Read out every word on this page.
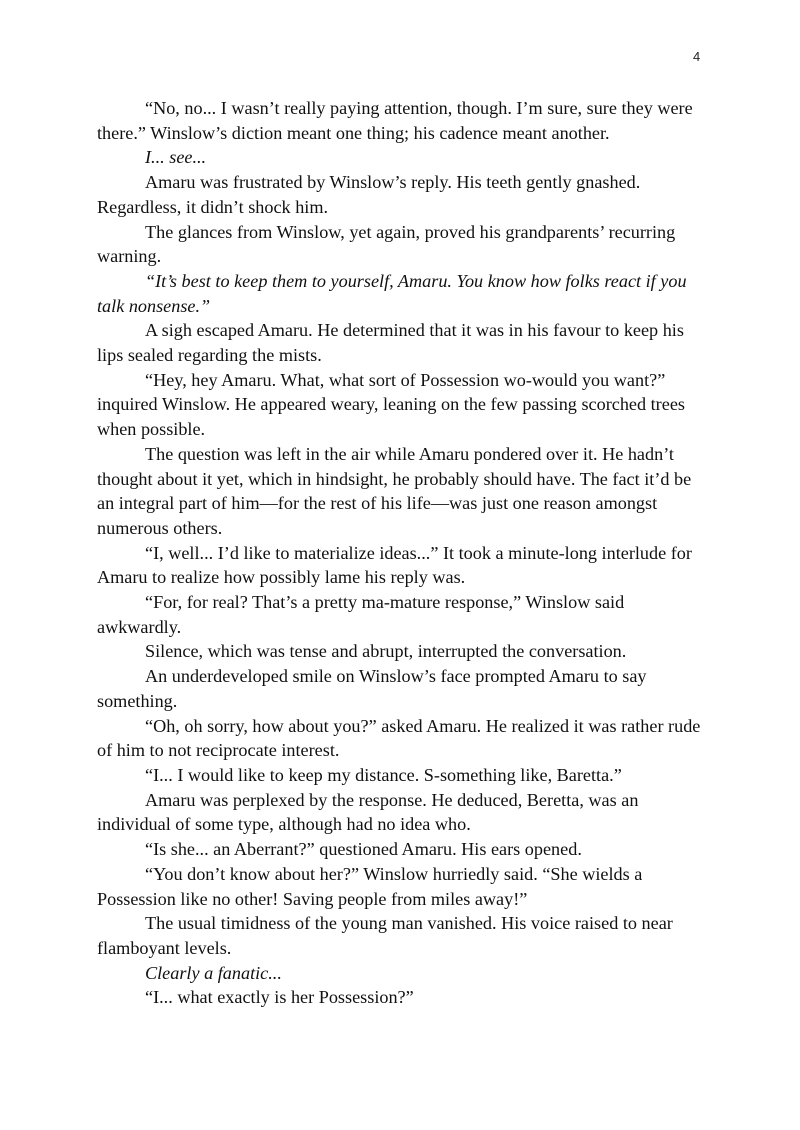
4

“No, no... I wasn’t really paying attention, though. I’m sure, sure they were there.” Winslow’s diction meant one thing; his cadence meant another.

I... see...

Amaru was frustrated by Winslow’s reply. His teeth gently gnashed. Regardless, it didn’t shock him.

The glances from Winslow, yet again, proved his grandparents’ recurring warning.

“It’s best to keep them to yourself, Amaru. You know how folks react if you talk nonsense.”

A sigh escaped Amaru. He determined that it was in his favour to keep his lips sealed regarding the mists.

“Hey, hey Amaru. What, what sort of Possession wo-would you want?” inquired Winslow. He appeared weary, leaning on the few passing scorched trees when possible.

The question was left in the air while Amaru pondered over it. He hadn’t thought about it yet, which in hindsight, he probably should have. The fact it’d be an integral part of him—for the rest of his life—was just one reason amongst numerous others.

“I, well... I’d like to materialize ideas...” It took a minute-long interlude for Amaru to realize how possibly lame his reply was.

“For, for real? That’s a pretty ma-mature response,” Winslow said awkwardly.

Silence, which was tense and abrupt, interrupted the conversation.

An underdeveloped smile on Winslow’s face prompted Amaru to say something.

“Oh, oh sorry, how about you?” asked Amaru. He realized it was rather rude of him to not reciprocate interest.

“I... I would like to keep my distance. S-something like, Baretta.”

Amaru was perplexed by the response. He deduced, Beretta, was an individual of some type, although had no idea who.

“Is she... an Aberrant?” questioned Amaru. His ears opened.

“You don’t know about her?” Winslow hurriedly said. “She wields a Possession like no other! Saving people from miles away!”

The usual timidness of the young man vanished. His voice raised to near flamboyant levels.

Clearly a fanatic...

“I... what exactly is her Possession?”
